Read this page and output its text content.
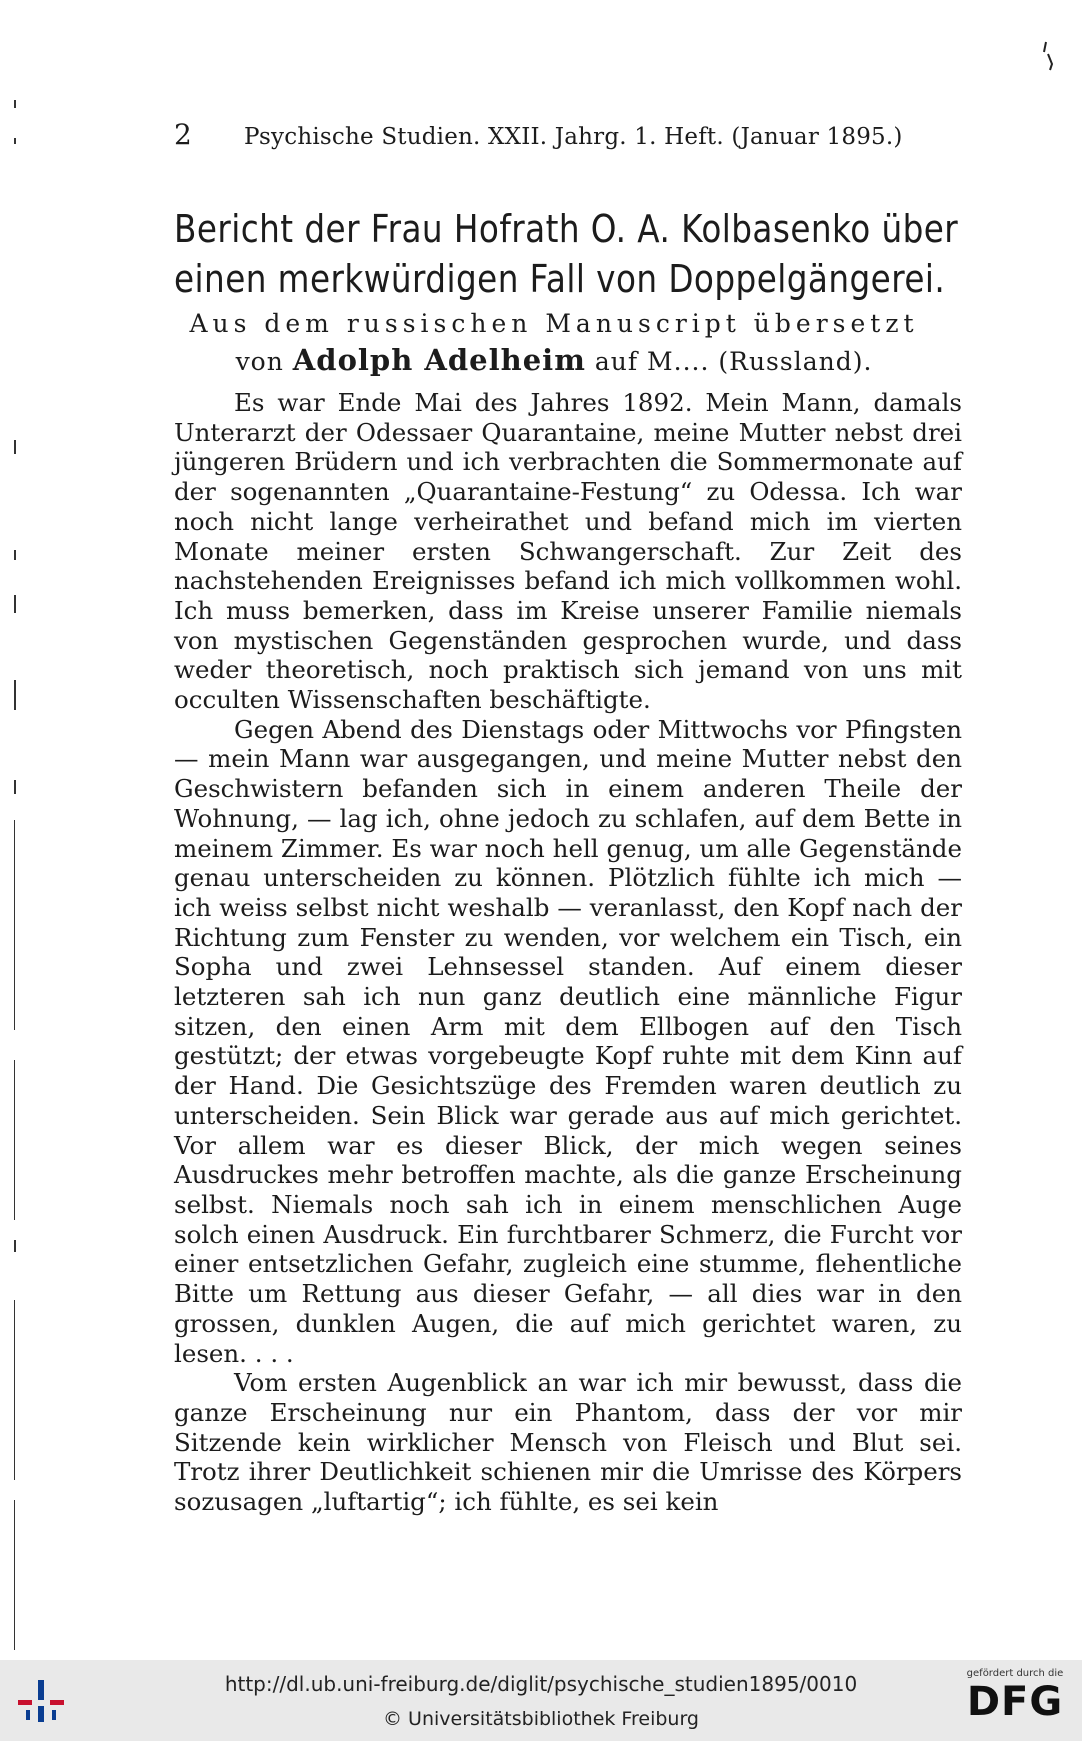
2	Psychische Studien. XXII. Jahrg. 1. Heft. (Januar 1895.)
Bericht der Frau Hofrath O. A. Kolbasenko über
einen merkwürdigen Fall von Doppelgängerei.
Aus dem russischen Manuscript übersetzt
von Adolph Adelheim auf M.... (Russland).

Es war Ende Mai des Jahres 1892. Mein Mann, damals Unterarzt der Odessaer Quarantaine, meine Mutter nebst drei jüngeren Brüdern und ich verbrachten die Sommermonate auf der sogenannten „Quarantaine-Festung“ zu Odessa. Ich war noch nicht lange verheirathet und befand mich im vierten Monate meiner ersten Schwangerschaft. Zur Zeit des nachstehenden Ereignisses befand ich mich vollkommen wohl. Ich muss bemerken, dass im Kreise unserer Familie niemals von mystischen Gegenständen gesprochen wurde, und dass weder theoretisch, noch praktisch sich jemand von uns mit occulten Wissenschaften beschäftigte.

Gegen Abend des Dienstags oder Mittwochs vor Pfingsten — mein Mann war ausgegangen, und meine Mutter nebst den Geschwistern befanden sich in einem anderen Theile der Wohnung, — lag ich, ohne jedoch zu schlafen, auf dem Bette in meinem Zimmer. Es war noch hell genug, um alle Gegenstände genau unterscheiden zu können. Plötzlich fühlte ich mich — ich weiss selbst nicht weshalb — veranlasst, den Kopf nach der Richtung zum Fenster zu wenden, vor welchem ein Tisch, ein Sopha und zwei Lehnsessel standen. Auf einem dieser letzteren sah ich nun ganz deutlich eine männliche Figur sitzen, den einen Arm mit dem Ellbogen auf den Tisch gestützt; der etwas vorgebeugte Kopf ruhte mit dem Kinn auf der Hand. Die Gesichtszüge des Fremden waren deutlich zu unterscheiden. Sein Blick war gerade aus auf mich gerichtet. Vor allem war es dieser Blick, der mich wegen seines Ausdruckes mehr betroffen machte, als die ganze Erscheinung selbst. Niemals noch sah ich in einem menschlichen Auge solch einen Ausdruck. Ein furchtbarer Schmerz, die Furcht vor einer entsetzlichen Gefahr, zugleich eine stumme, flehentliche Bitte um Rettung aus dieser Gefahr, — all dies war in den grossen, dunklen Augen, die auf mich gerichtet waren, zu lesen. . . .

Vom ersten Augenblick an war ich mir bewusst, dass die ganze Erscheinung nur ein Phantom, dass der vor mir Sitzende kein wirklicher Mensch von Fleisch und Blut sei. Trotz ihrer Deutlichkeit schienen mir die Umrisse des Körpers sozusagen „luftartig“; ich fühlte, es sei kein

http://dl.ub.uni-freiburg.de/diglit/psychische_studien1895/0010
© Universitätsbibliothek Freiburg
gefördert durch die
DFG
